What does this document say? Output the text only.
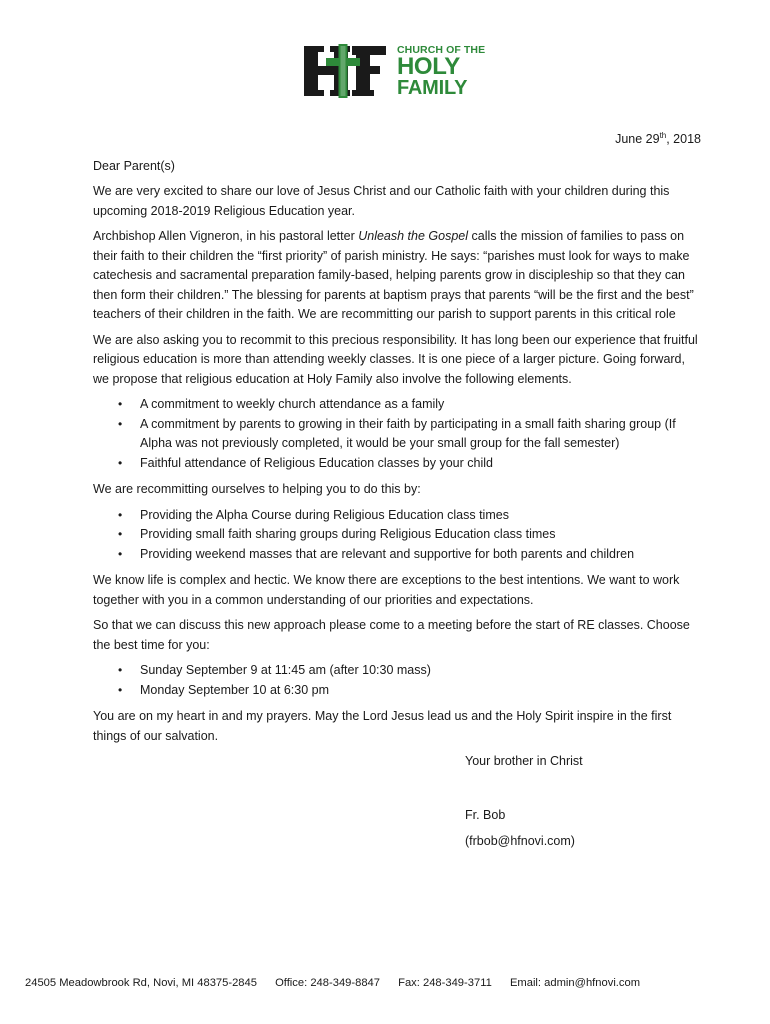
CHURCH OF THE
HOLY
FAMILY
June 29th, 2018

Dear Parent(s)

We are very excited to share our love of Jesus Christ and our Catholic faith with your children during this upcoming 2018-2019 Religious Education year.

Archbishop Allen Vigneron, in his pastoral letter Unleash the Gospel calls the mission of families to pass on their faith to their children the “first priority” of parish ministry. He says: “parishes must look for ways to make catechesis and sacramental preparation family-based, helping parents grow in discipleship so that they can then form their children.” The blessing for parents at baptism prays that parents “will be the first and the best” teachers of their children in the faith. We are recommitting our parish to support parents in this critical role

We are also asking you to recommit to this precious responsibility. It has long been our experience that fruitful religious education is more than attending weekly classes. It is one piece of a larger picture. Going forward, we propose that religious education at Holy Family also involve the following elements.

• A commitment to weekly church attendance as a family
• A commitment by parents to growing in their faith by participating in a small faith sharing group (If Alpha was not previously completed, it would be your small group for the fall semester)
• Faithful attendance of Religious Education classes by your child

We are recommitting ourselves to helping you to do this by:

• Providing the Alpha Course during Religious Education class times
• Providing small faith sharing groups during Religious Education class times
• Providing weekend masses that are relevant and supportive for both parents and children

We know life is complex and hectic. We know there are exceptions to the best intentions. We want to work together with you in a common understanding of our priorities and expectations.

So that we can discuss this new approach please come to a meeting before the start of RE classes. Choose the best time for you:

• Sunday September 9 at 11:45 am (after 10:30 mass)
• Monday September 10 at 6:30 pm

You are on my heart in and my prayers. May the Lord Jesus lead us and the Holy Spirit inspire in the first things of our salvation.

Your brother in Christ

Fr. Bob

(frbob@hfnovi.com)

24505 Meadowbrook Rd, Novi, MI 48375-2845 Office: 248-349-8847 Fax: 248-349-3711 Email: admin@hfnovi.com
